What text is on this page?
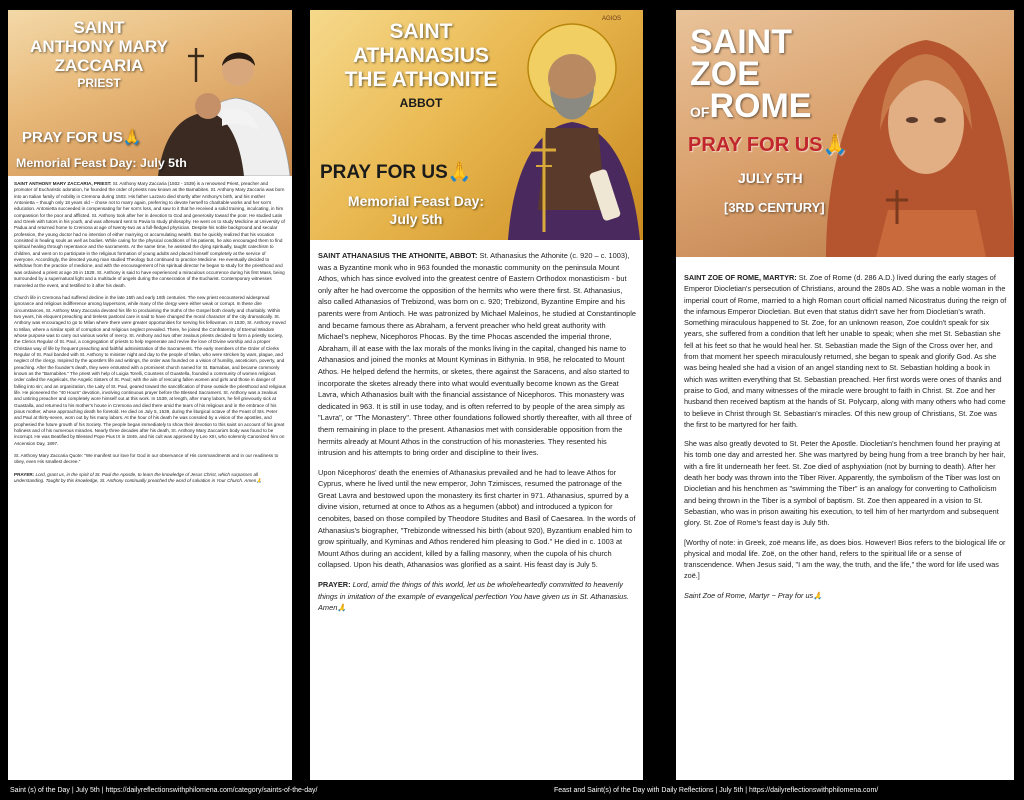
SAINT
ANTHONY MARY
ZACCARIA
PRIEST
PRAY FOR US🙏
Memorial Feast Day: July 5th

SAINT ANTHONY MARY ZACCARIA, PRIEST: St. Anthony Mary Zaccaria (1502 - 1539) is a renowned Priest, preacher and promoter of Eucharistic adoration, he founded the order of priests now known as the Barnabites. St. Anthony Mary Zaccaria was born into an Italian family of nobility in Cremona during 1502. His father Lazzaro died shortly after Anthony's birth, and his mother Antonietta – though only 18 years old – chose not to marry again, preferring to devote herself to charitable works and her son's education. Antonietta succeeded in compensating for her son's loss, and saw to it that he received a solid training, inculcating, in him compassion for the poor and afflicted. St. Anthony took after her in devotion to God and generosity toward the poor. He studied Latin and Greek with tutors in his youth, and was afterward sent to Pavia to study philosophy. He went on to study Medicine at University of Padua and returned home to Cremona at age of twenty-two as a full-fledged physician. Despite his noble background and secular profession, the young doctor had no intention of either marrying or accumulating wealth. But he quickly realized that his vocation consisted in healing souls as well as bodies. While caring for the physical conditions of his patients, he also encouraged them to find spiritual healing through repentance and the sacraments. At the same time, he assisted the dying spiritually, taught catechism to children, and went on to participate in the religious formation of young adults and placed himself completely at the service of everyone. Accordingly, the devoted young man studied Theology but continued to practice Medicine. He eventually decided to withdraw from the practice of medicine, and with the encouragement of his spiritual director he began to study for the priesthood and was ordained a priest at age 26 in 1528. St. Anthony is said to have experienced a miraculous occurrence during his first Mass, being surrounded by a supernatural light and a multitude of angels during the consecration of the Eucharist. Contemporary witnesses marveled at the event, and testified to it after his death.

Church life in Cremona had suffered decline in the late 15th and early 16th centuries. The new priest encountered widespread ignorance and religious indifference among laypersons, while many of the clergy were either weak or corrupt. In these dire circumstances, St. Anthony Mary Zaccaria devoted his life to proclaiming the truths of the Gospel both clearly and charitably. Within two years, his eloquent preaching and tireless pastoral care is said to have changed the moral character of the city dramatically. St. Anthony was encouraged to go to Milan where there were greater opportunities for serving his fellowman. In 1530, St. Anthony moved to Milan, where a similar spirit of corruption and religious neglect prevailed. There, he joined the Confraternity of Eternal Wisdom whose purpose was to carry out various works of mercy. St. Anthony and two other zealous priests decided to form a priestly society, the Clerics Regular of St. Paul, a congregation of priests to help regenerate and revive the love of Divine worship and a proper Christian way of life by frequent preaching and faithful administration of the Sacraments. The early members of the Order of Clerks Regular of St. Paul banded with St. Anthony to minister night and day to the people of Milan, who were stricken by wars, plague, and neglect of the clergy. Inspired by the apostle's life and writings, the order was founded on a vision of humility, asceticism, poverty, and preaching. After the founder's death, they were entrusted with a prominent church named for St. Barnabas, and became commonly known as the "Barnabites." The priest with help of Luigia Torelli, Countess of Guastella, founded a community of women religious order called the Angelicals, the Angelic Sisters of St. Paul; with the aim of rescuing fallen women and girls and those in danger of falling into sin; and an organization, the Laity of St. Paul, geared toward the sanctification of those outside the priesthood and religious life. He pioneered the "40 Hours" devotion, involving continuous prayer before the Blessed Sacrament. St. Anthony was a zealous and untiring preacher and completely wore himself out at this work. In 1539, at length, after many labors, he fell grievously sick at Guastalla, and returned to his mother's house in Cremona and died there amid the tears of his religious and in the embrace of his pious mother, whose approaching death he foretold. He died on July 5, 1539, during the liturgical octave of the Feast of Sts. Peter and Paul at thirty-seven, worn out by his many labors. At the hour of his death he was consoled by a vision of the apostles, and prophesied the future growth of his Society. The people began immediately to show their devotion to this saint on account of his great holiness and of his numerous miracles. Nearly three decades after his death, St. Anthony Mary Zaccaria's body was found to be incorrupt. He was Beatified by Blessed Pope Pius IX in 1849, and his cult was approved by Leo XIII, who solemnly Canonized him on Ascension Day, 1897.

St. Anthony Mary Zaccaria Quote: "We manifest our love for God in our observance of His commandments and in our readiness to obey, even His smallest decree."

PRAYER: Lord, grant us, in the spirit of St. Paul the Apostle, to learn the knowledge of Jesus Christ, which surpasses all understanding. Taught by this knowledge, St. Anthony continually preached the word of salvation in Your Church. Amen🙏

AGIOS
SAINT
ATHANASIUS
THE ATHONITE
ABBOT
PRAY FOR US🙏
Memorial Feast Day:
July 5th

SAINT ATHANASIUS THE ATHONITE, ABBOT: St. Athanasius the Athonite (c. 920 – c. 1003), was a Byzantine monk who in 963 founded the monastic community on the peninsula Mount Athos, which has since evolved into the greatest centre of Eastern Orthodox monasticism - but only after he had overcome the opposition of the hermits who were there first. St. Athanasius, also called Athanasios of Trebizond, was born on c. 920; Trebizond, Byzantine Empire and his parents were from Antioch. He was patronized by Michael Maleinos, he studied at Constantinople and became famous there as Abraham, a fervent preacher who held great authority with Michael's nephew, Nicephoros Phocas. By the time Phocas ascended the imperial throne, Abraham, ill at ease with the lax morals of the monks living in the capital, changed his name to Athanasios and joined the monks at Mount Kyminas in Bithynia. In 958, he relocated to Mount Athos. He helped defend the hermits, or sketes, there against the Saracens, and also started to incorporate the sketes already there into what would eventually become known as the Great Lavra, which Athanasios built with the financial assistance of Nicephoros. This monastery was dedicated in 963. It is still in use today, and is often referred to by people of the area simply as "Lavra", or "The Monastery". Three other foundations followed shortly thereafter, with all three of them remaining in place to the present. Athanasios met with considerable opposition from the hermits already at Mount Athos in the construction of his monasteries. They resented his intrusion and his attempts to bring order and discipline to their lives.

Upon Nicephoros' death the enemies of Athanasius prevailed and he had to leave Athos for Cyprus, where he lived until the new emperor, John Tzimisces, resumed the patronage of the Great Lavra and bestowed upon the monastery its first charter in 971. Athanasius, spurred by a divine vision, returned at once to Athos as a hegumen (abbot) and introduced a typicon for cenobites, based on those compiled by Theodore Studites and Basil of Caesarea. In the words of Athanasius's biographer, "Trebizonde witnessed his birth (about 920), Byzantium enabled him to grow spiritually, and Kyminas and Athos rendered him pleasing to God." He died in c. 1003 at Mount Athos during an accident, killed by a falling masonry, when the cupola of his church collapsed. Upon his death, Athanasios was glorified as a saint. His feast day is July 5.

PRAYER: Lord, amid the things of this world, let us be wholeheartedly committed to heavenly things in imitation of the example of evangelical perfection You have given us in St. Athanasius. Amen🙏

SAINT
ZOE
OFROME
PRAY FOR US🙏
JULY 5TH
[3RD CENTURY]

SAINT ZOE OF ROME, MARTYR: St. Zoe of Rome (d. 286 A.D.) lived during the early stages of Emperor Diocletian's persecution of Christians, around the 280s AD. She was a noble woman in the imperial court of Rome, married to a high Roman court official named Nicostratus during the reign of the infamous Emperor Diocletian. But even that status didn't save her from Diocletian's wrath. Something miraculous happened to St. Zoe, for an unknown reason, Zoe couldn't speak for six years, she suffered from a condition that left her unable to speak; when she met St. Sebastian she fell at his feet so that he would heal her. St. Sebastian made the Sign of the Cross over her, and from that moment her speech miraculously returned, she began to speak and glorify God. As she was being healed she had a vision of an angel standing next to St. Sebastian holding a book in which was written everything that St. Sebastian preached. Her first words were ones of thanks and praise to God, and many witnesses of the miracle were brought to faith in Christ. St. Zoe and her husband then received baptism at the hands of St. Polycarp, along with many others who had come to believe in Christ through St. Sebastian's miracles. Of this new group of Christians, St. Zoe was the first to be martyred for her faith.

She was also greatly devoted to St. Peter the Apostle. Diocletian's henchmen found her praying at his tomb one day and arrested her. She was martyred by being hung from a tree branch by her hair, with a fire lit underneath her feet. St. Zoe died of asphyxiation (not by burning to death). After her death her body was thrown into the Tiber River. Apparently, the symbolism of the Tiber was lost on Diocletian and his henchmen as "swimming the Tiber" is an analogy for converting to Catholicism and being thrown in the Tiber is a symbol of baptism. St. Zoe then appeared in a vision to St. Sebastian, who was in prison awaiting his execution, to tell him of her martyrdom and subsequent glory. St. Zoe of Rome's feast day is July 5th.

[Worthy of note: in Greek, zoë means life, as does bios. However! Bios refers to the biological life or physical and modal life. Zoë, on the other hand, refers to the spiritual life or a sense of transcendence. When Jesus said, "I am the way, the truth, and the life," the word for life used was zoë.]

Saint Zoe of Rome, Martyr ~ Pray for us🙏

Saint (s) of the Day | July 5th | https://dailyreflectionswithphilomena.com/category/saints-of-the-day/	Feast and Saint(s) of the Day with Daily Reflections | July 5th | https://dailyreflectionswithphilomena.com/
